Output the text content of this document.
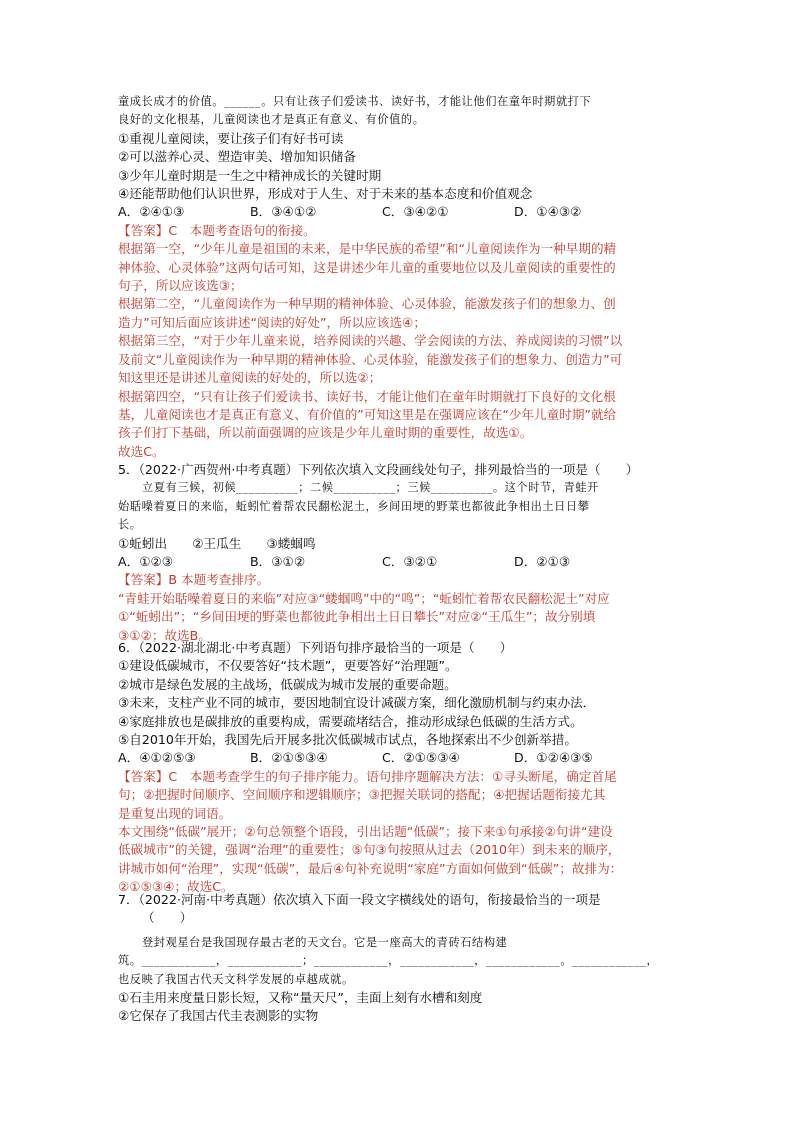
童成长成才的价值。______。只有让孩子们爱读书、读好书，才能让他们在童年时期就打下
良好的文化根基，儿童阅读也才是真正有意义、有价值的。
①重视儿童阅读，要让孩子们有好书可读
②可以滋养心灵、塑造审美、增加知识储备
③少年儿童时期是一生之中精神成长的关键时期
④还能帮助他们认识世界，形成对于人生、对于未来的基本态度和价值观念
A．②④①③	B．③④①②	C．③④②①	D．①④③②
【答案】C　本题考查语句的衔接。
根据第一空，“少年儿童是祖国的未来，是中华民族的希望”和“儿童阅读作为一种早期的精
神体验、心灵体验”这两句话可知，这是讲述少年儿童的重要地位以及儿童阅读的重要性的
句子，所以应该选③；
根据第二空，“儿童阅读作为一种早期的精神体验、心灵体验，能激发孩子们的想象力、创
造力”可知后面应该讲述“阅读的好处”，所以应该选④；
根据第三空，“对于少年儿童来说，培养阅读的兴趣、学会阅读的方法、养成阅读的习惯”以
及前文“儿童阅读作为一种早期的精神体验、心灵体验，能激发孩子们的想象力、创造力”可
知这里还是讲述儿童阅读的好处的，所以选②；
根据第四空，“只有让孩子们爱读书、读好书，才能让他们在童年时期就打下良好的文化根
基，儿童阅读也才是真正有意义、有价值的”可知这里是在强调应该在“少年儿童时期”就给
孩子们打下基础，所以前面强调的应该是少年儿童时期的重要性，故选①。
故选C。
5．（2022·广西贺州·中考真题）下列依次填入文段画线处句子，排列最恰当的一项是（　　）
立夏有三候，初候__________；二候__________；三候__________。这个时节，青蛙开
始聒噪着夏日的来临，蚯蚓忙着帮农民翻松泥土，乡间田埂的野菜也都彼此争相出土日日攀
长。
①蚯蚓出　　②王瓜生　　③蝼蝈鸣
A．①②③	B．③①②	C．③②①	D．②①③
【答案】B 本题考查排序。
“青蛙开始聒噪着夏日的来临”对应③“蝼蝈鸣”中的“鸣”；“蚯蚓忙着帮农民翻松泥土”对应
①“蚯蚓出”；“乡间田埂的野菜也都彼此争相出土日日攀长”对应②“王瓜生”；故分别填
③①②；故选B。
6．（2022·湖北湖北·中考真题）下列语句排序最恰当的一项是（　　）
①建设低碳城市，不仅要答好“技术题”，更要答好“治理题”。
②城市是绿色发展的主战场，低碳成为城市发展的重要命题。
③未来，支柱产业不同的城市，要因地制宜设计减碳方案，细化激励机制与约束办法．
④家庭排放也是碳排放的重要构成，需要疏堵结合，推动形成绿色低碳的生活方式。
⑤自2010年开始，我国先后开展多批次低碳城市试点，各地探索出不少创新举措。
A．④①②⑤③	B．②①⑤③④	C．②①⑤③④	D．①②④③⑤
【答案】C　本题考查学生的句子排序能力。语句排序题解决方法：①寻头断尾，确定首尾
句；②把握时间顺序、空间顺序和逻辑顺序；③把握关联词的搭配；④把握话题衔接尤其
是重复出现的词语。
本文围绕“低碳”展开；②句总领整个语段，引出话题“低碳”；接下来①句承接②句讲“建设
低碳城市”的关键，强调“治理”的重要性；⑤句③句按照从过去（2010年）到未来的顺序，
讲城市如何“治理”，实现“低碳”，最后④句补充说明“家庭”方面如何做到“低碳”；故排为：
②①⑤③④；故选C。
7．（2022·河南·中考真题）依次填入下面一段文字横线处的语句，衔接最恰当的一项是
（　　）
登封观星台是我国现存最古老的天文台。它是一座高大的青砖石结构建
筑。____________，____________；____________，____________，____________。____________，
也反映了我国古代天文科学发展的卓越成就。
①石圭用来度量日影长短，又称“量天尺”，圭面上刻有水槽和刻度
②它保存了我国古代圭表测影的实物
